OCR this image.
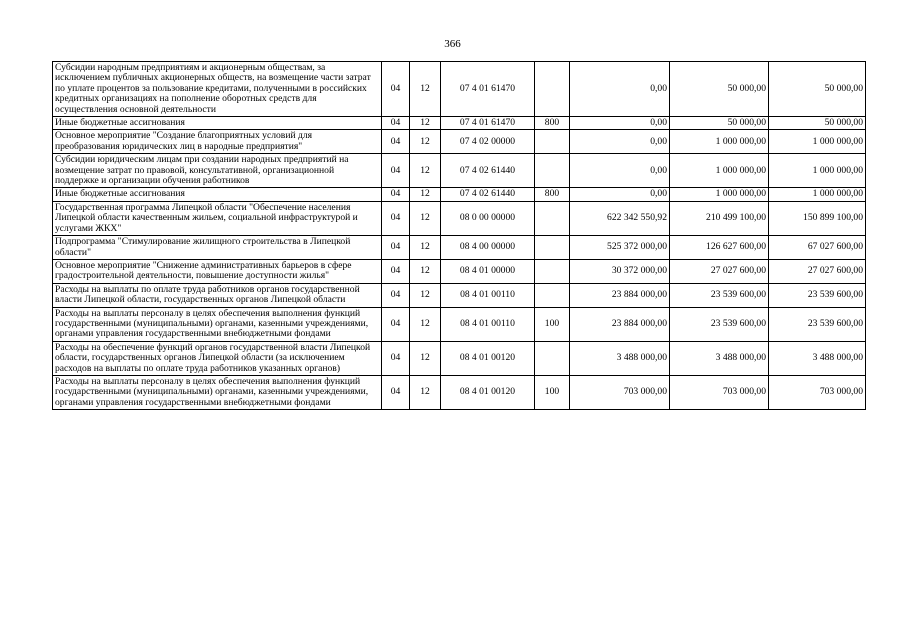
366
Субсидии народным предприятиям и акционерным обществам, за исключением публичных акционерных обществ, на возмещение части затрат по уплате процентов за пользование кредитами, полученными в российских кредитных организациях на пополнение оборотных средств для осуществления основной деятельности	04	12	07 4 01 61470		0,00	50 000,00	50 000,00
Иные бюджетные ассигнования	04	12	07 4 01 61470	800	0,00	50 000,00	50 000,00
Основное мероприятие "Создание благоприятных условий для преобразования юридических лиц в народные предприятия"	04	12	07 4 02 00000		0,00	1 000 000,00	1 000 000,00
Субсидии юридическим лицам при создании народных предприятий на возмещение затрат по правовой, консультативной, организационной поддержке и организации обучения работников	04	12	07 4 02 61440		0,00	1 000 000,00	1 000 000,00
Иные бюджетные ассигнования	04	12	07 4 02 61440	800	0,00	1 000 000,00	1 000 000,00
Государственная программа Липецкой области "Обеспечение населения Липецкой области качественным жильем, социальной инфраструктурой и услугами ЖКХ"	04	12	08 0 00 00000		622 342 550,92	210 499 100,00	150 899 100,00
Подпрограмма "Стимулирование жилищного строительства в Липецкой области"	04	12	08 4 00 00000		525 372 000,00	126 627 600,00	67 027 600,00
Основное мероприятие "Снижение административных барьеров в сфере градостроительной деятельности, повышение доступности жилья"	04	12	08 4 01 00000		30 372 000,00	27 027 600,00	27 027 600,00
Расходы на выплаты по оплате труда работников органов государственной власти Липецкой области, государственных органов Липецкой области	04	12	08 4 01 00110		23 884 000,00	23 539 600,00	23 539 600,00
Расходы на выплаты персоналу в целях обеспечения выполнения функций государственными (муниципальными) органами, казенными учреждениями, органами управления государственными внебюджетными фондами	04	12	08 4 01 00110	100	23 884 000,00	23 539 600,00	23 539 600,00
Расходы на обеспечение функций органов государственной власти Липецкой области, государственных органов Липецкой области (за исключением расходов на выплаты по оплате труда работников указанных органов)	04	12	08 4 01 00120		3 488 000,00	3 488 000,00	3 488 000,00
Расходы на выплаты персоналу в целях обеспечения выполнения функций государственными (муниципальными) органами, казенными учреждениями, органами управления государственными внебюджетными фондами	04	12	08 4 01 00120	100	703 000,00	703 000,00	703 000,00
